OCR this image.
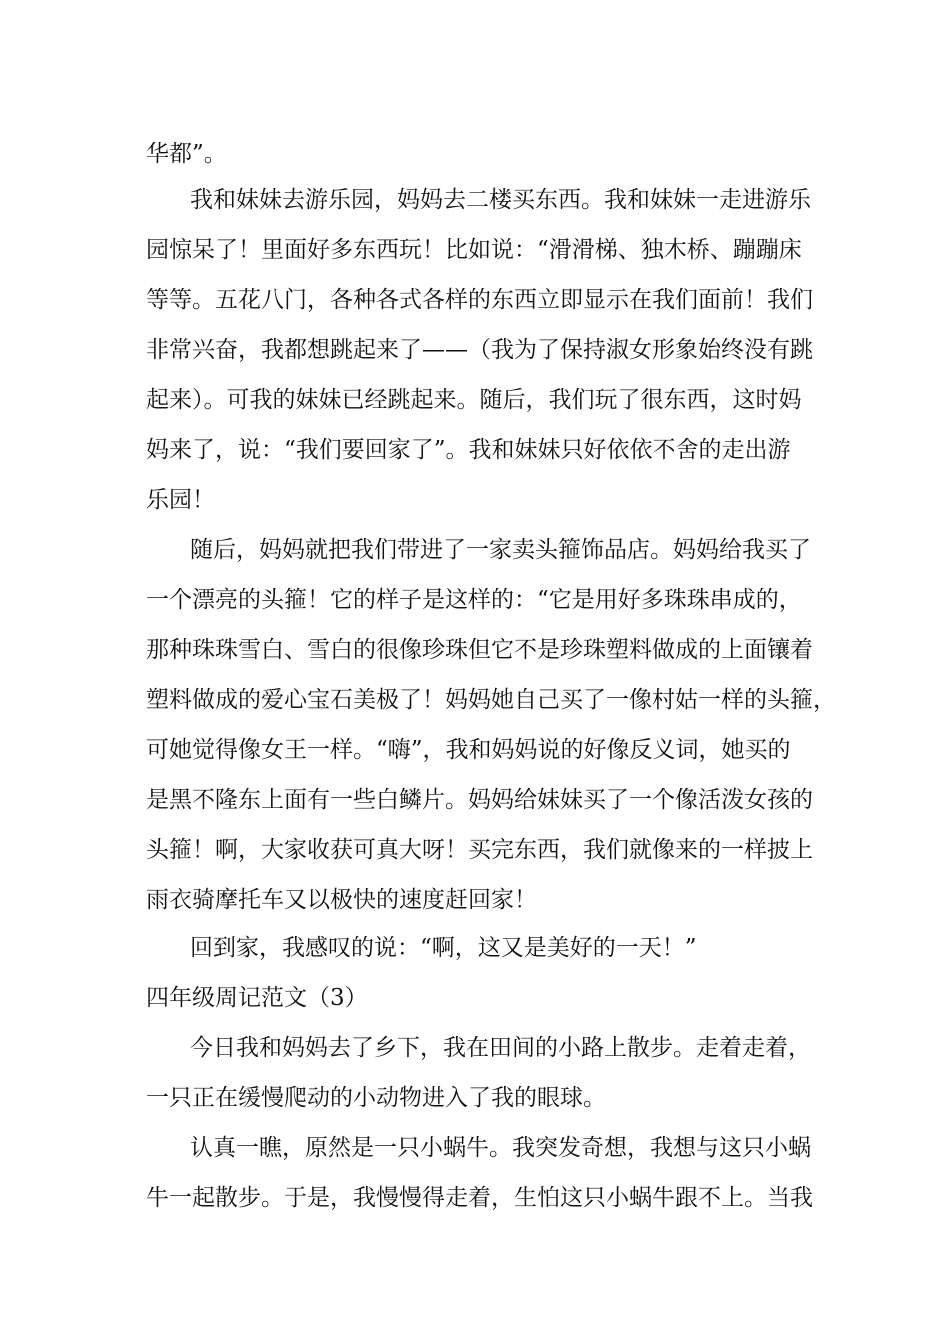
华都”。
我和妹妹去游乐园，妈妈去二楼买东西。我和妹妹一走进游乐
园惊呆了！里面好多东西玩！比如说：“滑滑梯、独木桥、蹦蹦床
等等。五花八门，各种各式各样的东西立即显示在我们面前！我们
非常兴奋，我都想跳起来了——（我为了保持淑女形象始终没有跳
起来）。可我的妹妹已经跳起来。随后，我们玩了很东西，这时妈
妈来了，说：“我们要回家了”。我和妹妹只好依依不舍的走出游
乐园！
随后，妈妈就把我们带进了一家卖头箍饰品店。妈妈给我买了
一个漂亮的头箍！它的样子是这样的：“它是用好多珠珠串成的，
那种珠珠雪白、雪白的很像珍珠但它不是珍珠塑料做成的上面镶着
塑料做成的爱心宝石美极了！妈妈她自己买了一像村姑一样的头箍，
可她觉得像女王一样。“嗨”，我和妈妈说的好像反义词，她买的
是黑不隆东上面有一些白鳞片。妈妈给妹妹买了一个像活泼女孩的
头箍！啊，大家收获可真大呀！买完东西，我们就像来的一样披上
雨衣骑摩托车又以极快的速度赶回家！
回到家，我感叹的说：“啊，这又是美好的一天！”
四年级周记范文（3）
今日我和妈妈去了乡下，我在田间的小路上散步。走着走着，
一只正在缓慢爬动的小动物进入了我的眼球。
认真一瞧，原然是一只小蜗牛。我突发奇想，我想与这只小蜗
牛一起散步。于是，我慢慢得走着，生怕这只小蜗牛跟不上。当我
